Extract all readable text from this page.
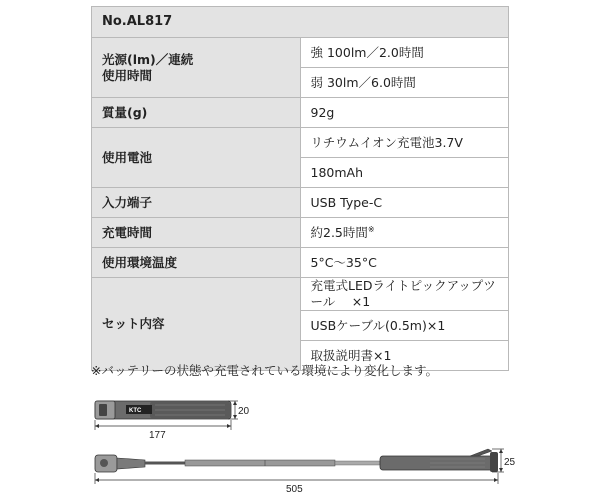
No.AL817	
光源(lm)／連続
使用時間	強 100lm／2.0時間
	弱 30lm／6.0時間
質量(g)	92g
使用電池	リチウムイオン充電池3.7V
	180mAh
入力端子	USB Type-C
充電時間	約2.5時間※
使用環境温度	5°C〜35°C
セット内容	充電式LEDライトピックアップツール　 ×1
	USBケーブル(0.5m)×1
	取扱説明書×1
※バッテリーの状態や充電されている環境により変化します。
KTC	20
177
25
505
